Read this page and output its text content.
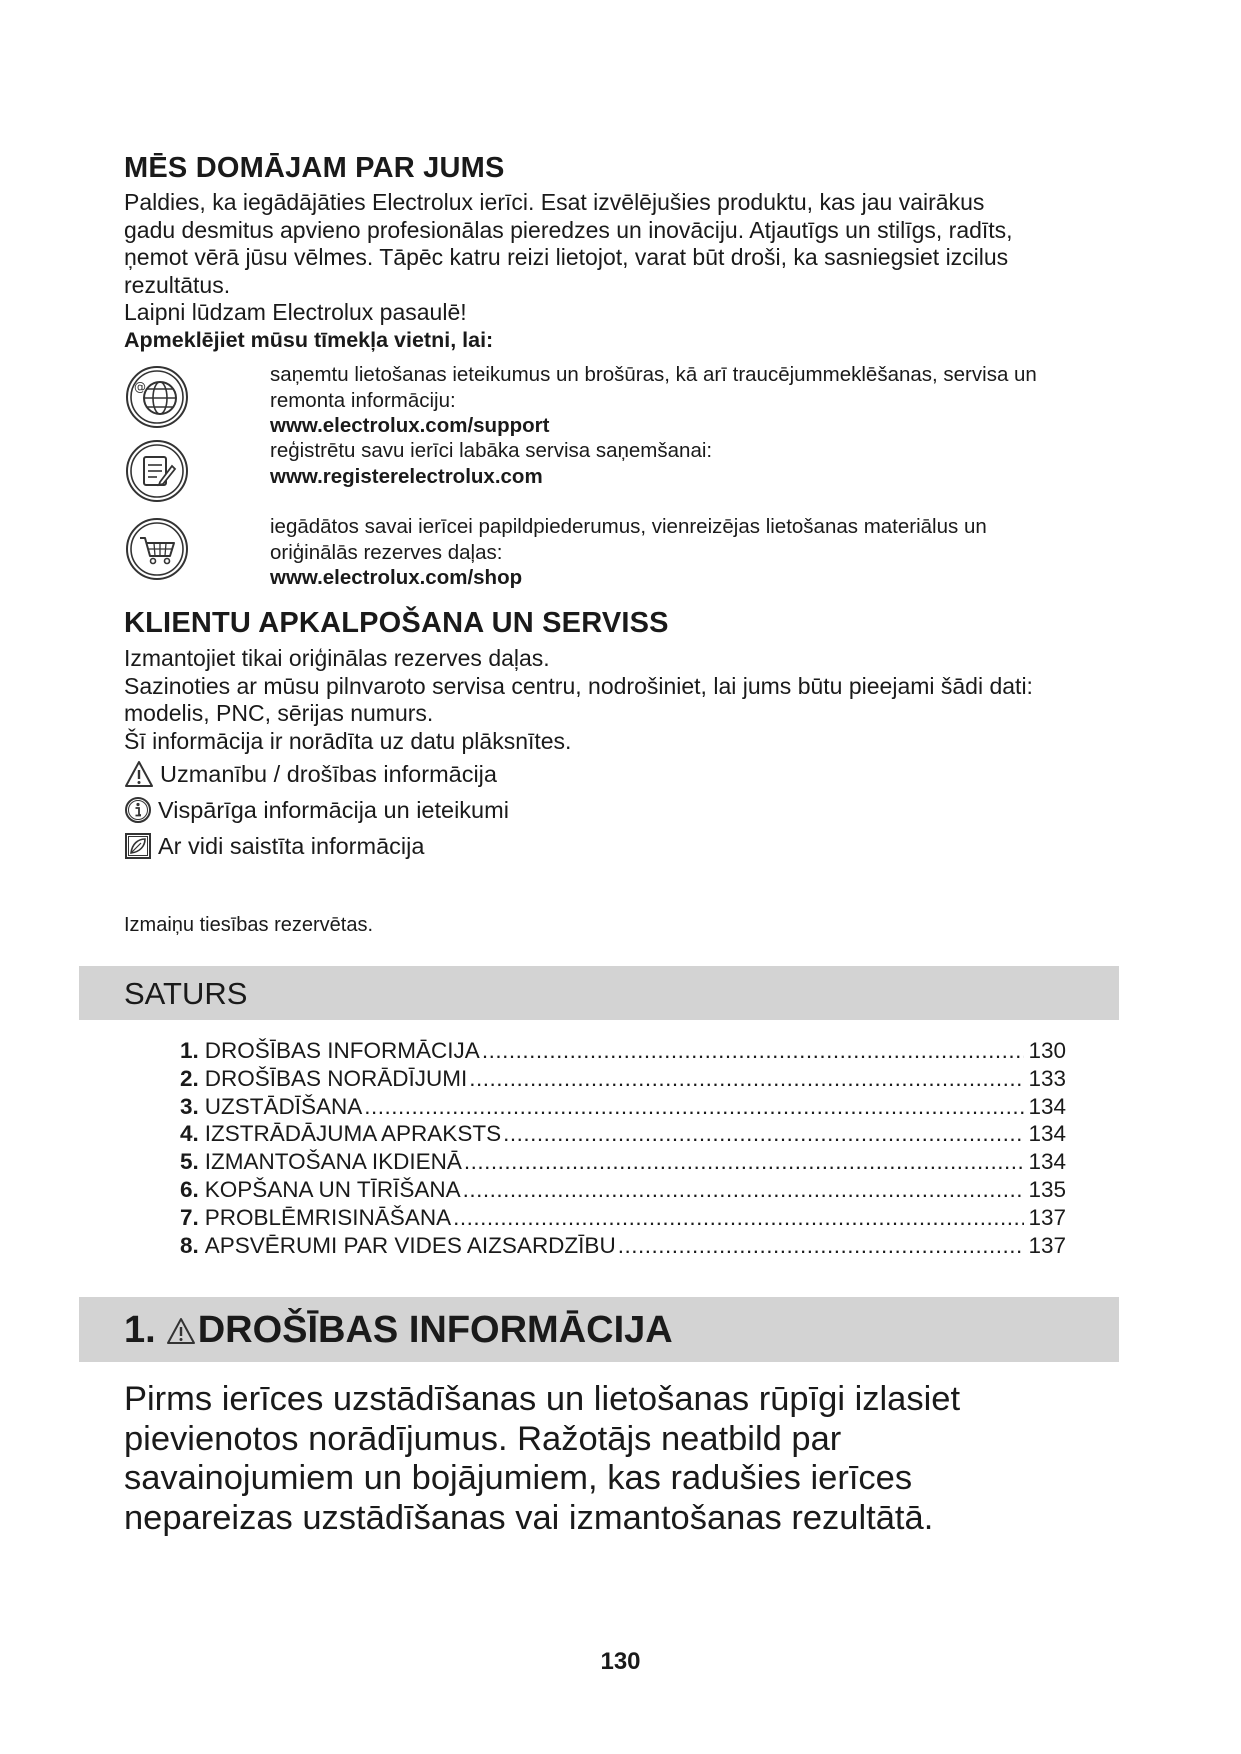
MĒS DOMĀJAM PAR JUMS

Paldies, ka iegādājāties Electrolux ierīci. Esat izvēlējušies produktu, kas jau vairākus

gadu desmitus apvieno profesionālas pieredzes un inovāciju. Atjautīgs un stilīgs, radīts,

ņemot vērā jūsu vēlmes. Tāpēc katru reizi lietojot, varat būt droši, ka sasniegsiet izcilus

rezultātus.

Laipni lūdzam Electrolux pasaulē!

Apmeklējiet mūsu tīmekļa vietni, lai:

@
saņemtu lietošanas ieteikumus un brošūras, kā arī traucējummeklēšanas, servisa un
remonta informāciju:
www.electrolux.com/support
reģistrētu savu ierīci labāka servisa saņemšanai:
www.registerelectrolux.com
iegādātos savai ierīcei papildpiederumus, vienreizējas lietošanas materiālus un
oriģinālās rezerves daļas:
www.electrolux.com/shop
KLIENTU APKALPOŠANA UN SERVISS

Izmantojiet tikai oriģinālas rezerves daļas.

Sazinoties ar mūsu pilnvaroto servisa centru, nodrošiniet, lai jums būtu pieejami šādi dati:

modelis, PNC, sērijas numurs.

Šī informācija ir norādīta uz datu plāksnītes.

Uzmanību / drošības informācija
Vispārīga informācija un ieteikumi
Ar vidi saistīta informācija
Izmaiņu tiesības rezervētas.
SATURS
1. DROŠĪBAS INFORMĀCIJA .....	130
2. DROŠĪBAS NORĀDĪJUMI .....	133
3. UZSTĀDĪŠANA .....	134
4. IZSTRĀDĀJUMA APRAKSTS .....	134
5. IZMANTOŠANA IKDIENĀ .....	134
6. KOPŠANA UN TĪRĪŠANA .....	135
7. PROBLĒMRISINĀŠANA .....	137
8. APSVĒRUMI PAR VIDES AIZSARDZĪBU .....	137
1. DROŠĪBAS INFORMĀCIJA
Pirms ierīces uzstādīšanas un lietošanas rūpīgi izlasiet
pievienotos norādījumus. Ražotājs neatbild par
savainojumiem un bojājumiem, kas radušies ierīces
nepareizas uzstādīšanas vai izmantošanas rezultātā.
130
